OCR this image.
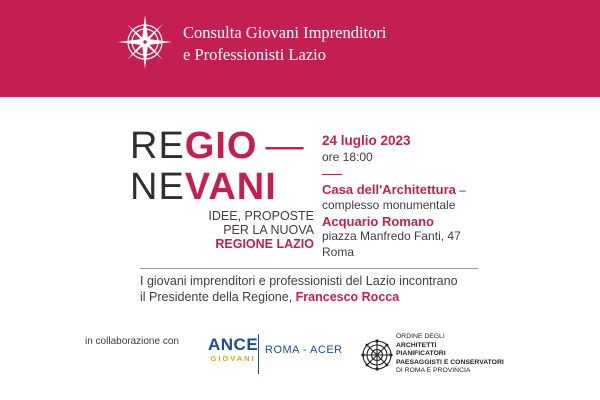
Consulta Giovani Imprenditori
e Professionisti Lazio
REGIO —
NEVANI
IDEE, PROPOSTE
PER LA NUOVA
REGIONE LAZIO
24 luglio 2023
ore 18:00
Casa dell'Architettura –
complesso monumentale
Acquario Romano
piazza Manfredo Fanti, 47
Roma
I giovani imprenditori e professionisti del Lazio incontrano
il Presidente della Regione, Francesco Rocca
in collaborazione con ANCE
GIOVANI
ROMA - ACER
ORDINE DEGLI
ARCHITETTI
PIANIFICATORI
PAESAGGISTI E CONSERVATORI
DI ROMA E PROVINCIA
